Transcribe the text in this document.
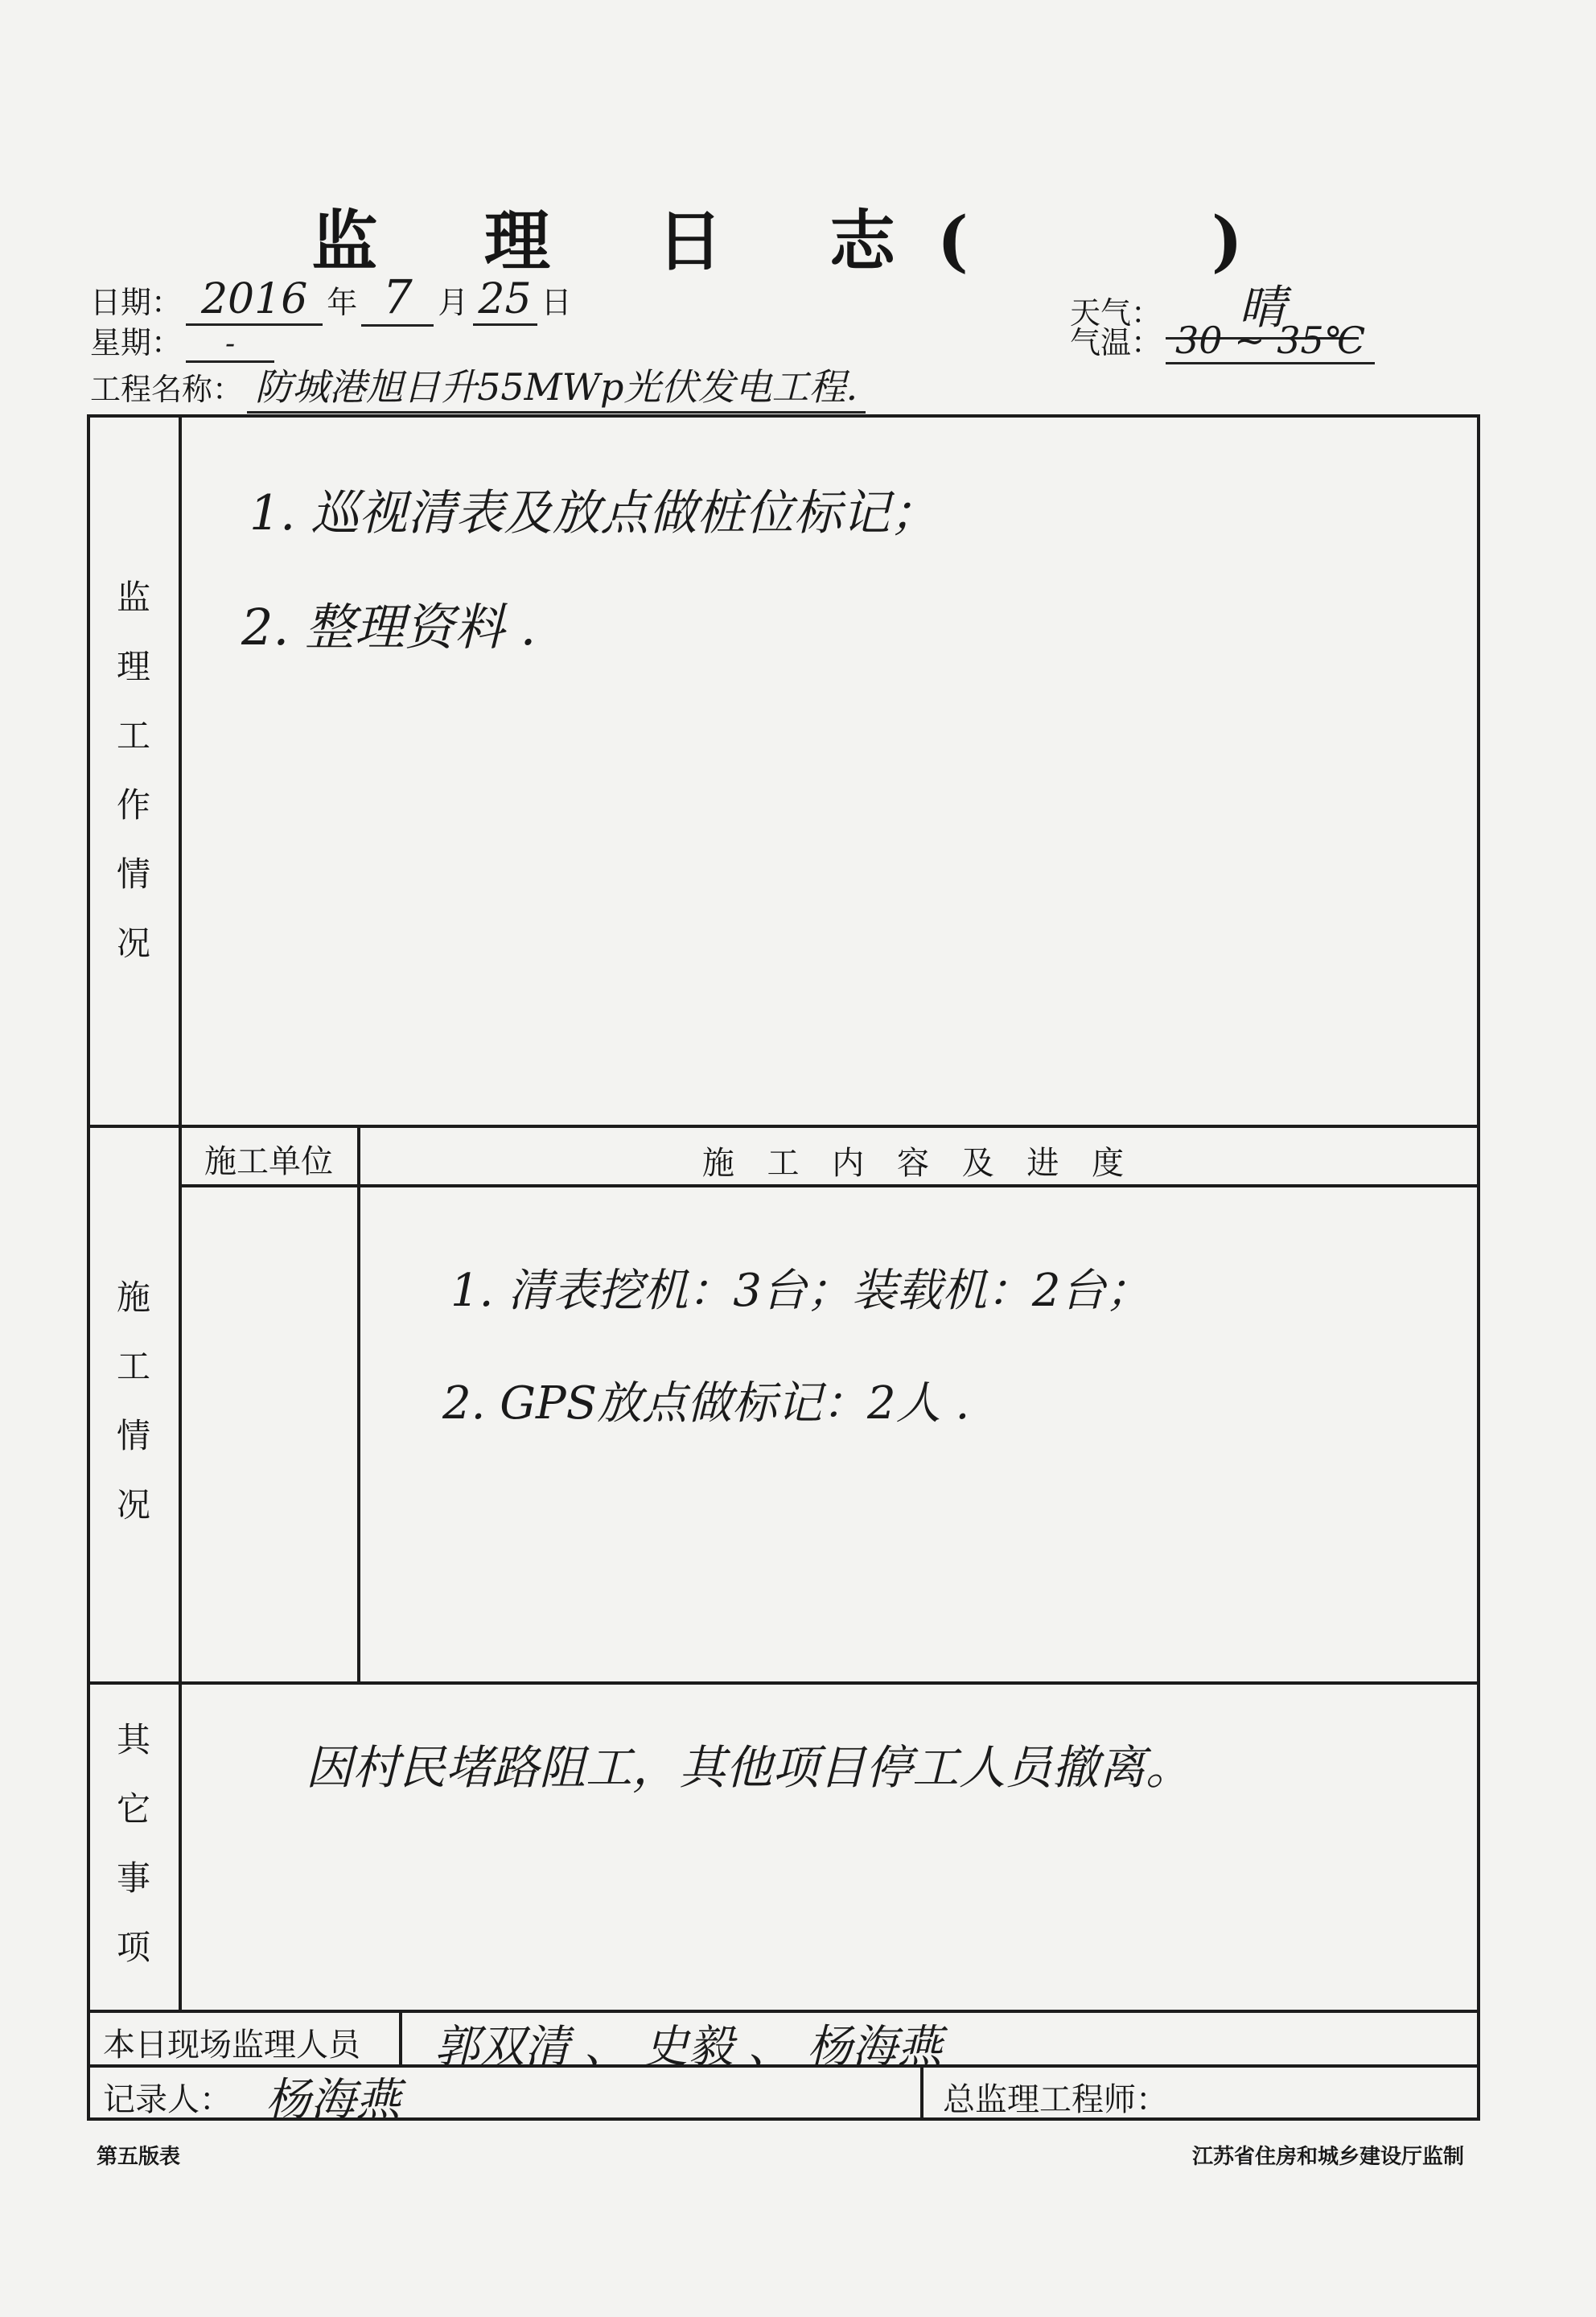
监 理 日 志(	)
日期： 2016 年 7 月 25 日
星期： -
工程名称： 防城港旭日升55MWp光伏发电工程.
天气： 晴
气温： 30 ~ 35℃
监
理
工
作
情
况
1. 巡视清表及放点做桩位标记；
2. 整理资料 .
施
工
情
况
施工单位	施 工 内 容 及 进 度
1. 清表挖机：3台；装载机：2台；
2. GPS放点做标记：2人 .
其
它
事
项
因村民堵路阻工，其他项目停工人员撤离。
本日现场监理人员 郭双清 、 史毅 、 杨海燕
记录人： 杨海燕	总监理工程师：
第五版表	江苏省住房和城乡建设厅监制
